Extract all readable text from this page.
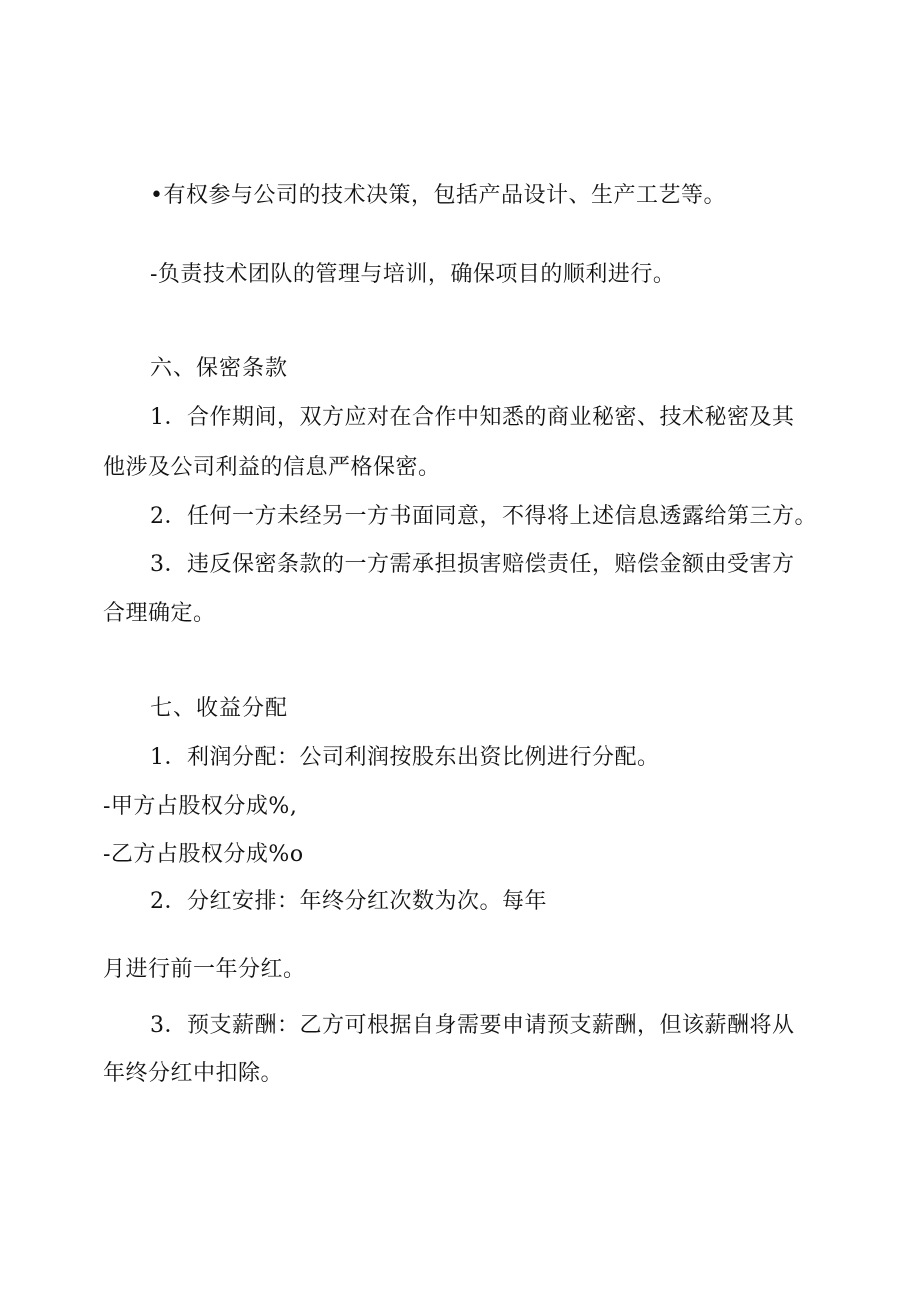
•有权参与公司的技术决策，包括产品设计、生产工艺等。

-负责技术团队的管理与培训，确保项目的顺利进行。

六、保密条款

1．合作期间，双方应对在合作中知悉的商业秘密、技术秘密及其

他涉及公司利益的信息严格保密。

2．任何一方未经另一方书面同意，不得将上述信息透露给第三方。

3．违反保密条款的一方需承担损害赔偿责任，赔偿金额由受害方

合理确定。

七、收益分配

1．利润分配：公司利润按股东出资比例进行分配。

-甲方占股权分成%,

-乙方占股权分成%o

2．分红安排：年终分红次数为次。每年

月进行前一年分红。

3．预支薪酬：乙方可根据自身需要申请预支薪酬，但该薪酬将从

年终分红中扣除。
